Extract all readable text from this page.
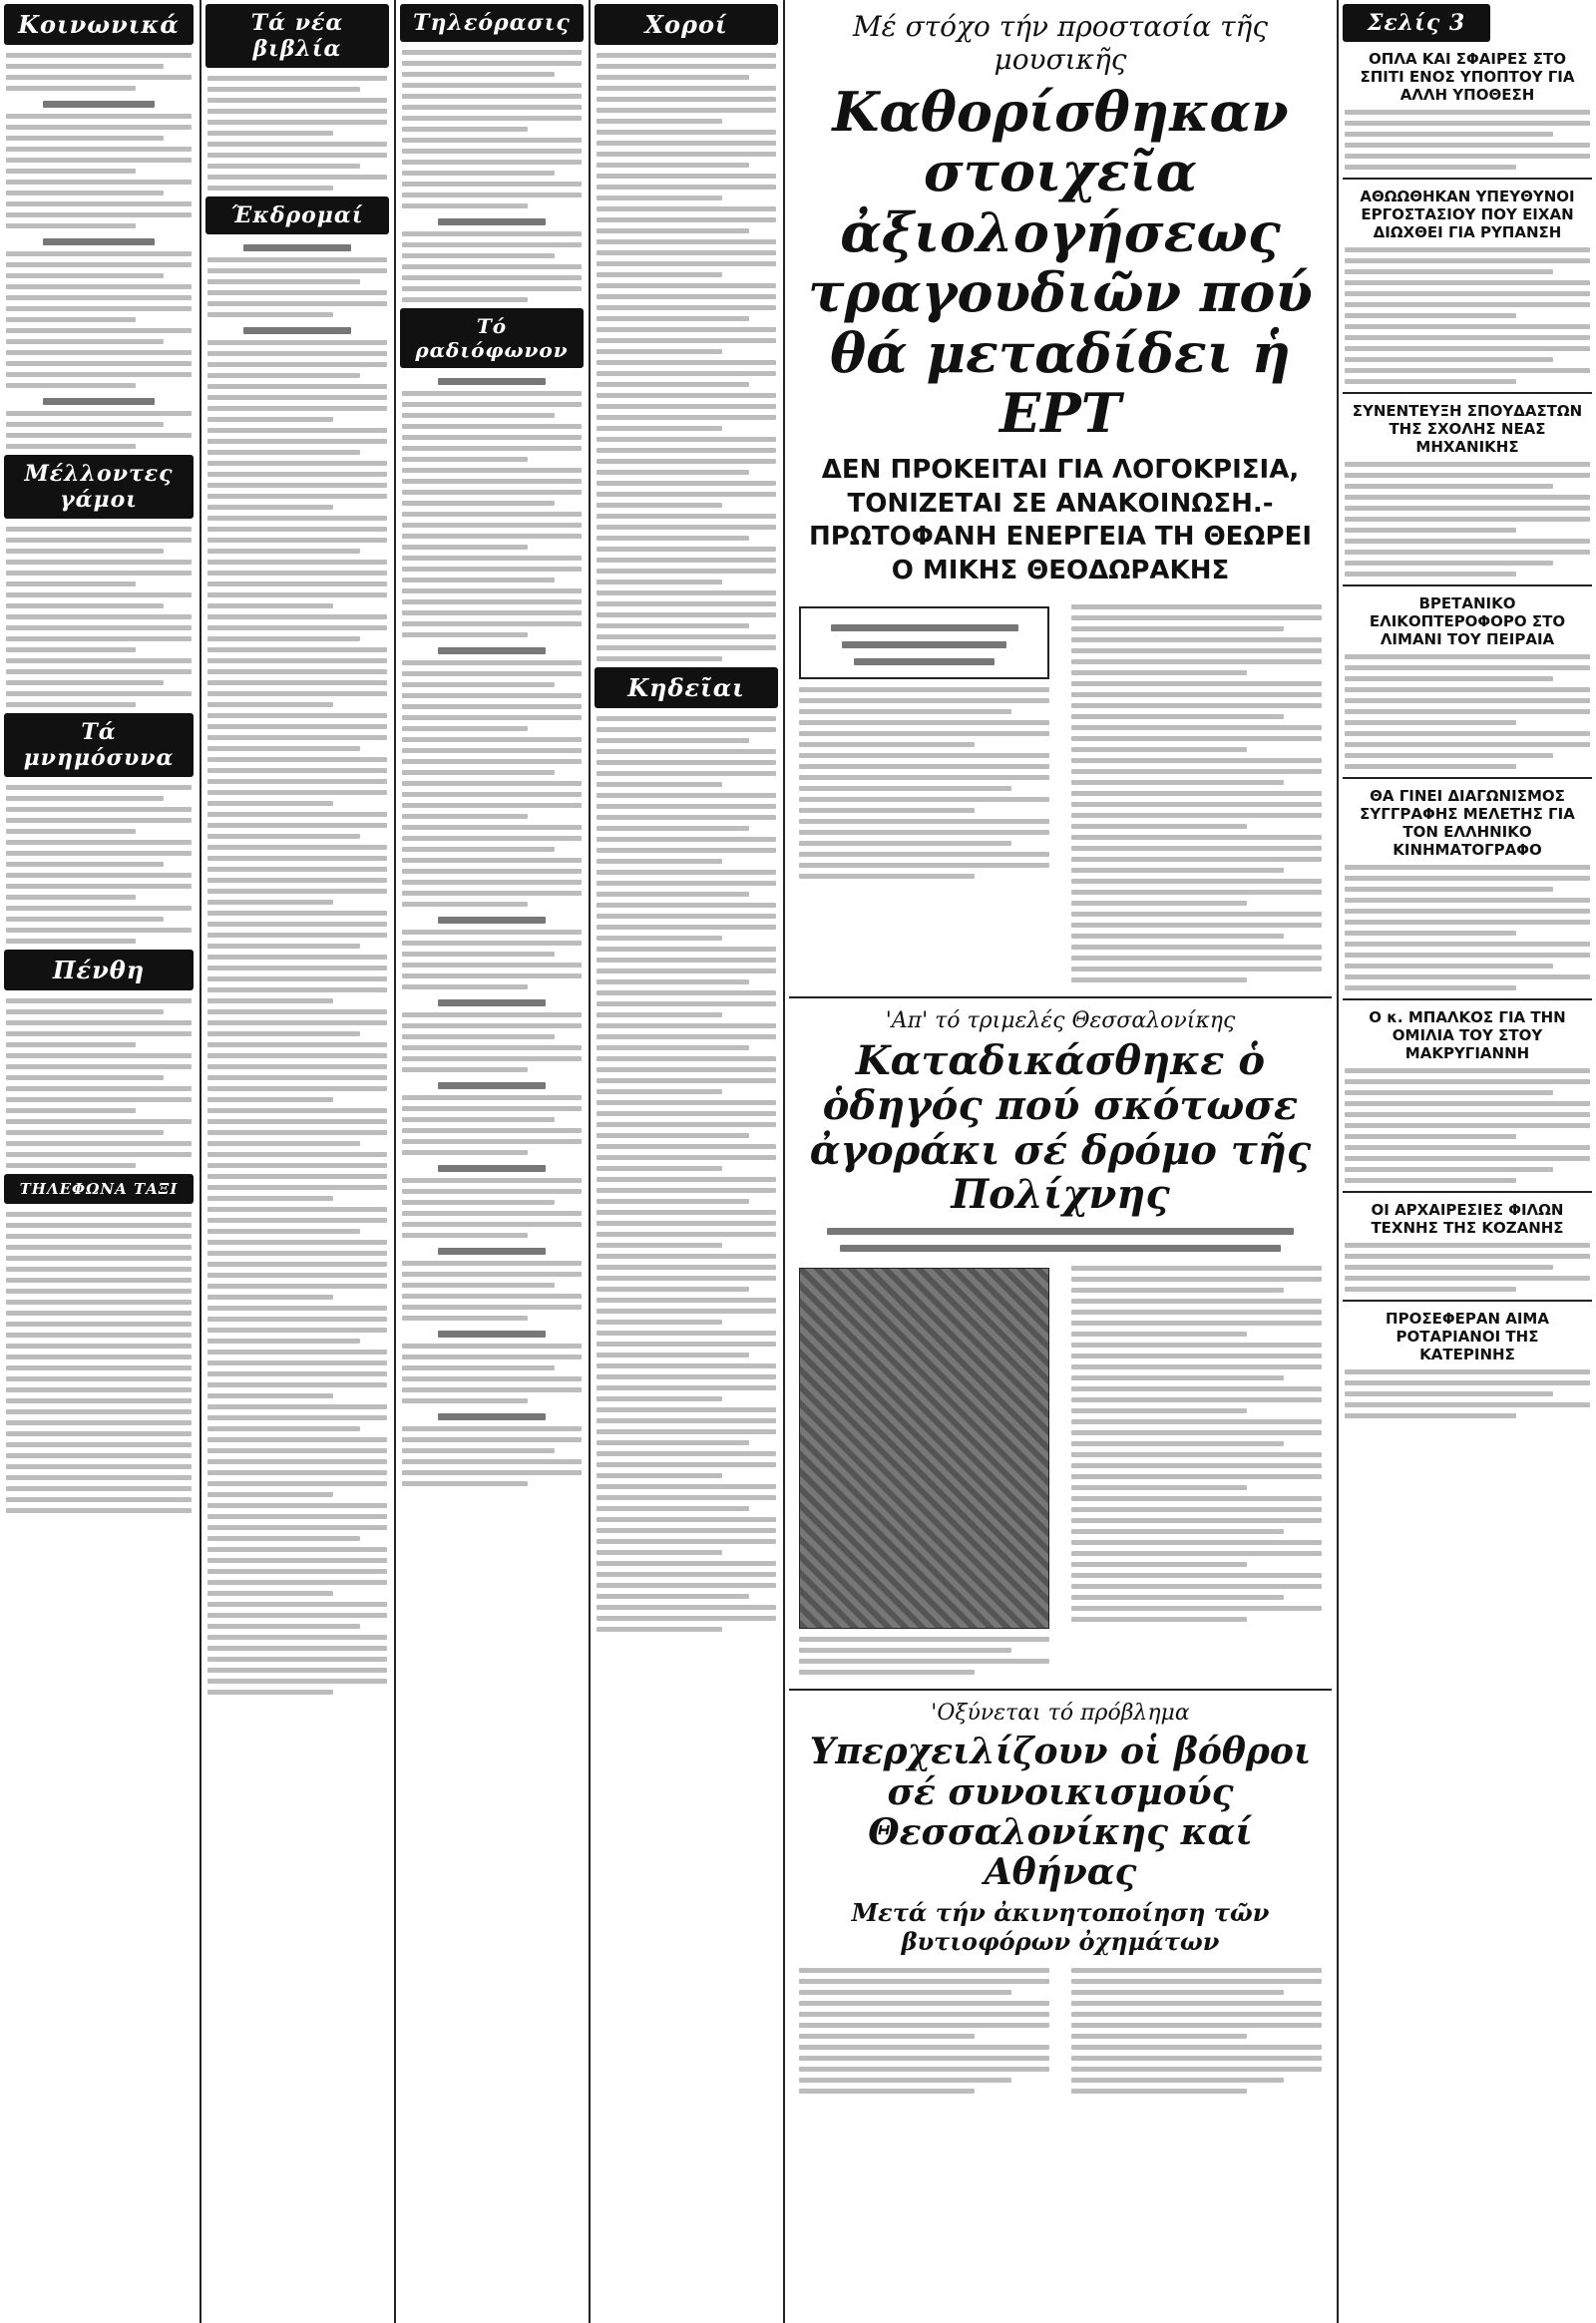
Κοινωνικά
Μέλλοντες γάμοι
Τά μνημόσυνα
Πένθη
ΤΗΛΕΦΩΝΑ ΤΑΞΙ
Τά νέα βιβλία
Έκδρομαί
Τηλεόρασις
Τό ραδιόφωνον
Χοροί
Κηδεῖαι
Μέ στόχο τήν προστασία τῆς μουσικῆς
Καθορίσθηκαν στοιχεῖα ἀξιολογήσεως τραγουδιῶν πού θά μεταδίδει ἡ ΕΡΤ
ΔΕΝ ΠΡΟΚΕΙΤΑΙ ΓΙΑ ΛΟΓΟΚΡΙΣΙΑ, ΤΟΝΙΖΕΤΑΙ ΣΕ ΑΝΑΚΟΙΝΩΣΗ.-ΠΡΩΤΟΦΑΝΗ ΕΝΕΡΓΕΙΑ ΤΗ ΘΕΩΡΕΙ Ο ΜΙΚΗΣ ΘΕΟΔΩΡΑΚΗΣ
'Απ' τό τριμελές Θεσσαλονίκης
Καταδικάσθηκε ὁ ὁδηγός πού σκότωσε ἀγοράκι σέ δρόμο τῆς Πολίχνης
'Οξύνεται τό πρόβλημα
Υπερχειλίζουν οἱ βόθροι σέ συνοικισμούς Θεσσαλονίκης καί Αθήνας
Μετά τήν ἀκινητοποίηση τῶν βυτιοφόρων ὀχημάτων
Σελίς 3
ΟΠΛΑ ΚΑΙ ΣΦΑΙΡΕΣ ΣΤΟ ΣΠΙΤΙ ΕΝΟΣ ΥΠΟΠΤΟΥ ΓΙΑ ΑΛΛΗ ΥΠΟΘΕΣΗ
ΑΘΩΩΘΗΚΑΝ ΥΠΕΥΘΥΝΟΙ ΕΡΓΟΣΤΑΣΙΟΥ ΠΟΥ ΕΙΧΑΝ ΔΙΩΧΘΕΙ ΓΙΑ ΡΥΠΑΝΣΗ
ΣΥΝΕΝΤΕΥΞΗ ΣΠΟΥΔΑΣΤΩΝ ΤΗΣ ΣΧΟΛΗΣ ΝΕΑΣ ΜΗΧΑΝΙΚΗΣ
ΒΡΕΤΑΝΙΚΟ ΕΛΙΚΟΠΤΕΡΟΦΟΡΟ ΣΤΟ ΛΙΜΑΝΙ ΤΟΥ ΠΕΙΡΑΙΑ
ΘΑ ΓΙΝΕΙ ΔΙΑΓΩΝΙΣΜΟΣ ΣΥΓΓΡΑΦΗΣ ΜΕΛΕΤΗΣ ΓΙΑ ΤΟΝ ΕΛΛΗΝΙΚΟ ΚΙΝΗΜΑΤΟΓΡΑΦΟ
Ο κ. ΜΠΑΛΚΟΣ ΓΙΑ ΤΗΝ ΟΜΙΛΙΑ ΤΟΥ ΣΤΟΥ ΜΑΚΡΥΓΙΑΝΝΗ
ΟΙ ΑΡΧΑΙΡΕΣΙΕΣ ΦΙΛΩΝ ΤΕΧΝΗΣ ΤΗΣ ΚΟΖΑΝΗΣ
ΠΡΟΣΕΦΕΡΑΝ ΑΙΜΑ ΡΟΤΑΡΙΑΝΟΙ ΤΗΣ ΚΑΤΕΡΙΝΗΣ
